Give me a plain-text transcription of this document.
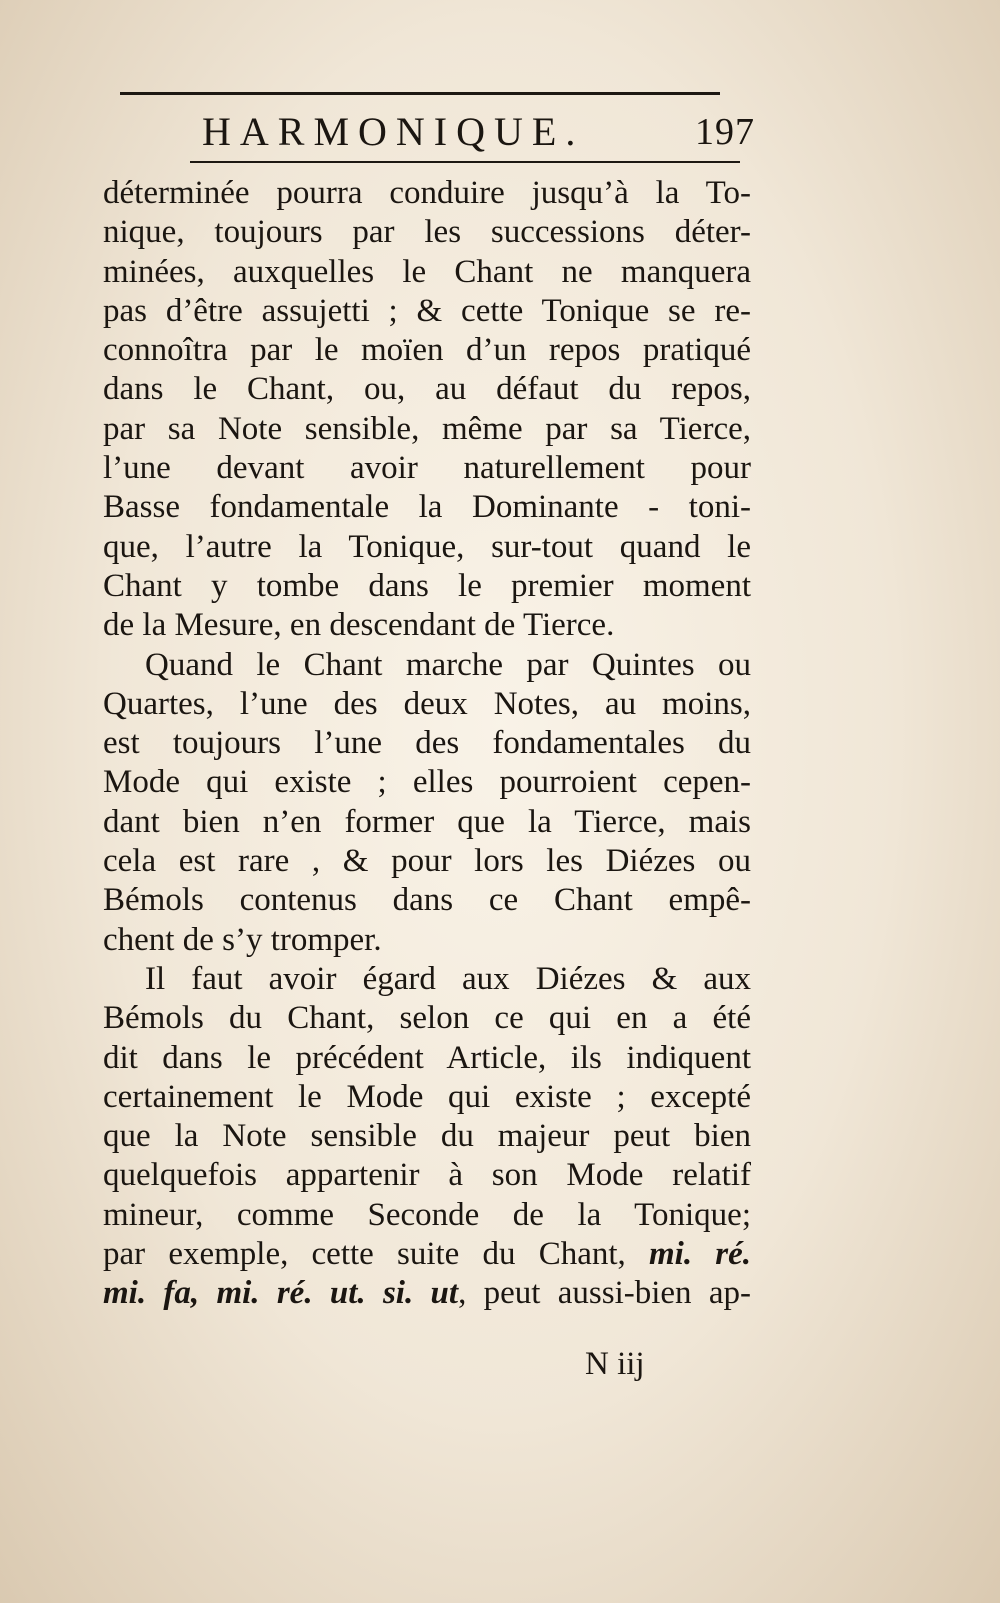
HARMONIQUE.	197
déterminée pourra conduire jusqu’à la To-
nique, toujours par les successions déter-
minées, auxquelles le Chant ne manquera
pas d’être assujetti ; & cette Tonique se re-
connoîtra par le moïen d’un repos pratiqué
dans le Chant, ou, au défaut du repos,
par sa Note sensible, même par sa Tierce,
l’une devant avoir naturellement pour
Basse fondamentale la Dominante - toni-
que, l’autre la Tonique, sur-tout quand le
Chant y tombe dans le premier moment
de la Mesure, en descendant de Tierce.
Quand le Chant marche par Quintes ou
Quartes, l’une des deux Notes, au moins,
est toujours l’une des fondamentales du
Mode qui existe ; elles pourroient cepen-
dant bien n’en former que la Tierce, mais
cela est rare , & pour lors les Diézes ou
Bémols contenus dans ce Chant empê-
chent de s’y tromper.
Il faut avoir égard aux Diézes & aux
Bémols du Chant, selon ce qui en a été
dit dans le précédent Article, ils indiquent
certainement le Mode qui existe ; excepté
que la Note sensible du majeur peut bien
quelquefois appartenir à son Mode relatif
mineur, comme Seconde de la Tonique;
par exemple, cette suite du Chant, mi. ré.
mi. fa, mi. ré. ut. si. ut, peut aussi-bien ap-
N iij
